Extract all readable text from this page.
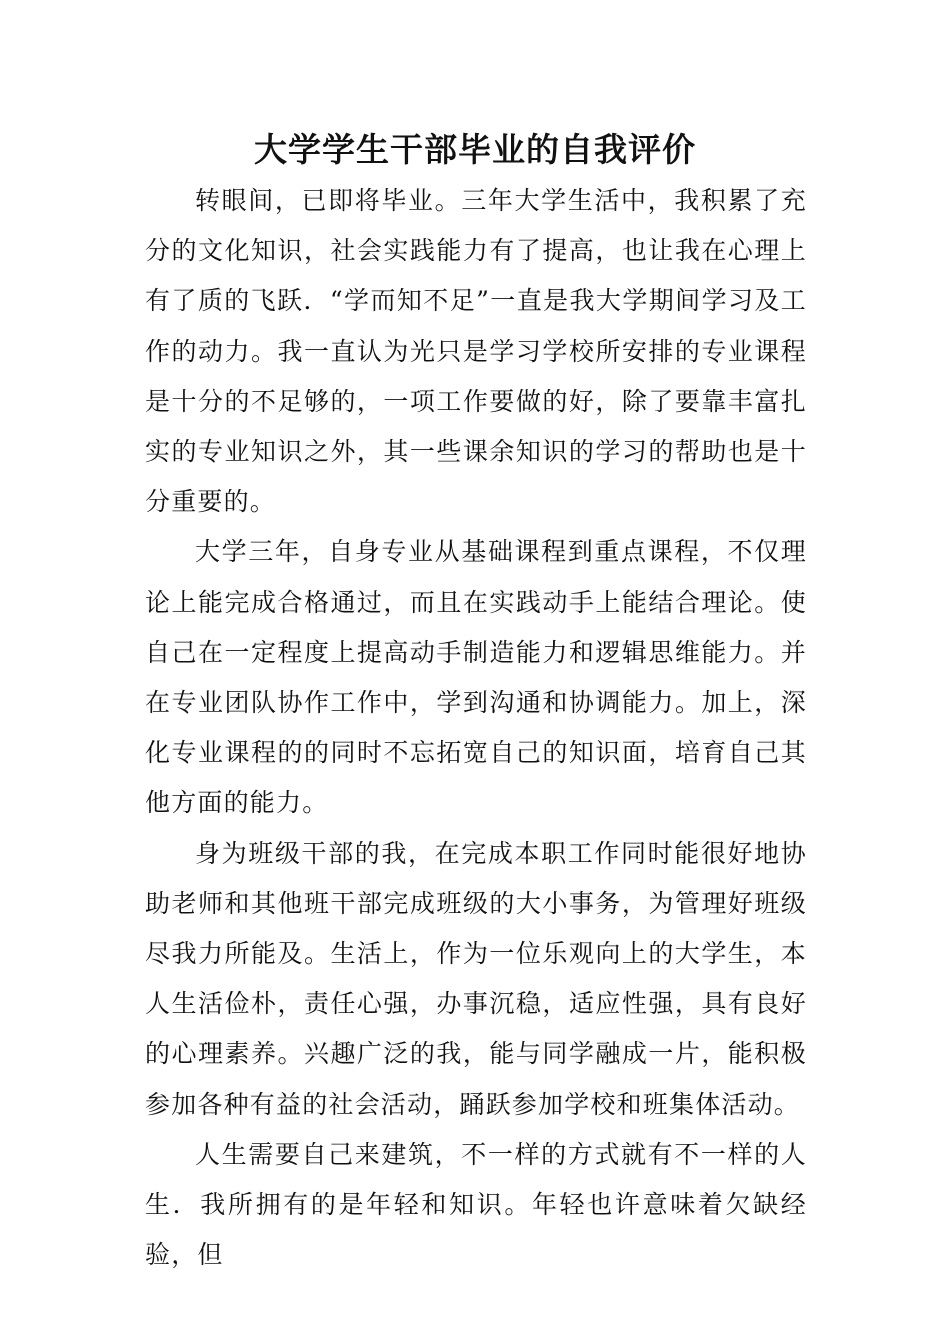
大学学生干部毕业的自我评价

转眼间，已即将毕业。三年大学生活中，我积累了充分的文化知识，社会实践能力有了提高，也让我在心理上有了质的飞跃．“学而知不足”一直是我大学期间学习及工作的动力。我一直认为光只是学习学校所安排的专业课程是十分的不足够的，一项工作要做的好，除了要靠丰富扎实的专业知识之外，其一些课余知识的学习的帮助也是十分重要的。

大学三年，自身专业从基础课程到重点课程，不仅理论上能完成合格通过，而且在实践动手上能结合理论。使自己在一定程度上提高动手制造能力和逻辑思维能力。并在专业团队协作工作中，学到沟通和协调能力。加上，深化专业课程的的同时不忘拓宽自己的知识面，培育自己其他方面的能力。

身为班级干部的我，在完成本职工作同时能很好地协助老师和其他班干部完成班级的大小事务，为管理好班级尽我力所能及。生活上，作为一位乐观向上的大学生，本人生活俭朴，责任心强，办事沉稳，适应性强，具有良好的心理素养。兴趣广泛的我，能与同学融成一片，能积极参加各种有益的社会活动，踊跃参加学校和班集体活动。

人生需要自己来建筑，不一样的方式就有不一样的人生．我所拥有的是年轻和知识。年轻也许意味着欠缺经验，但
